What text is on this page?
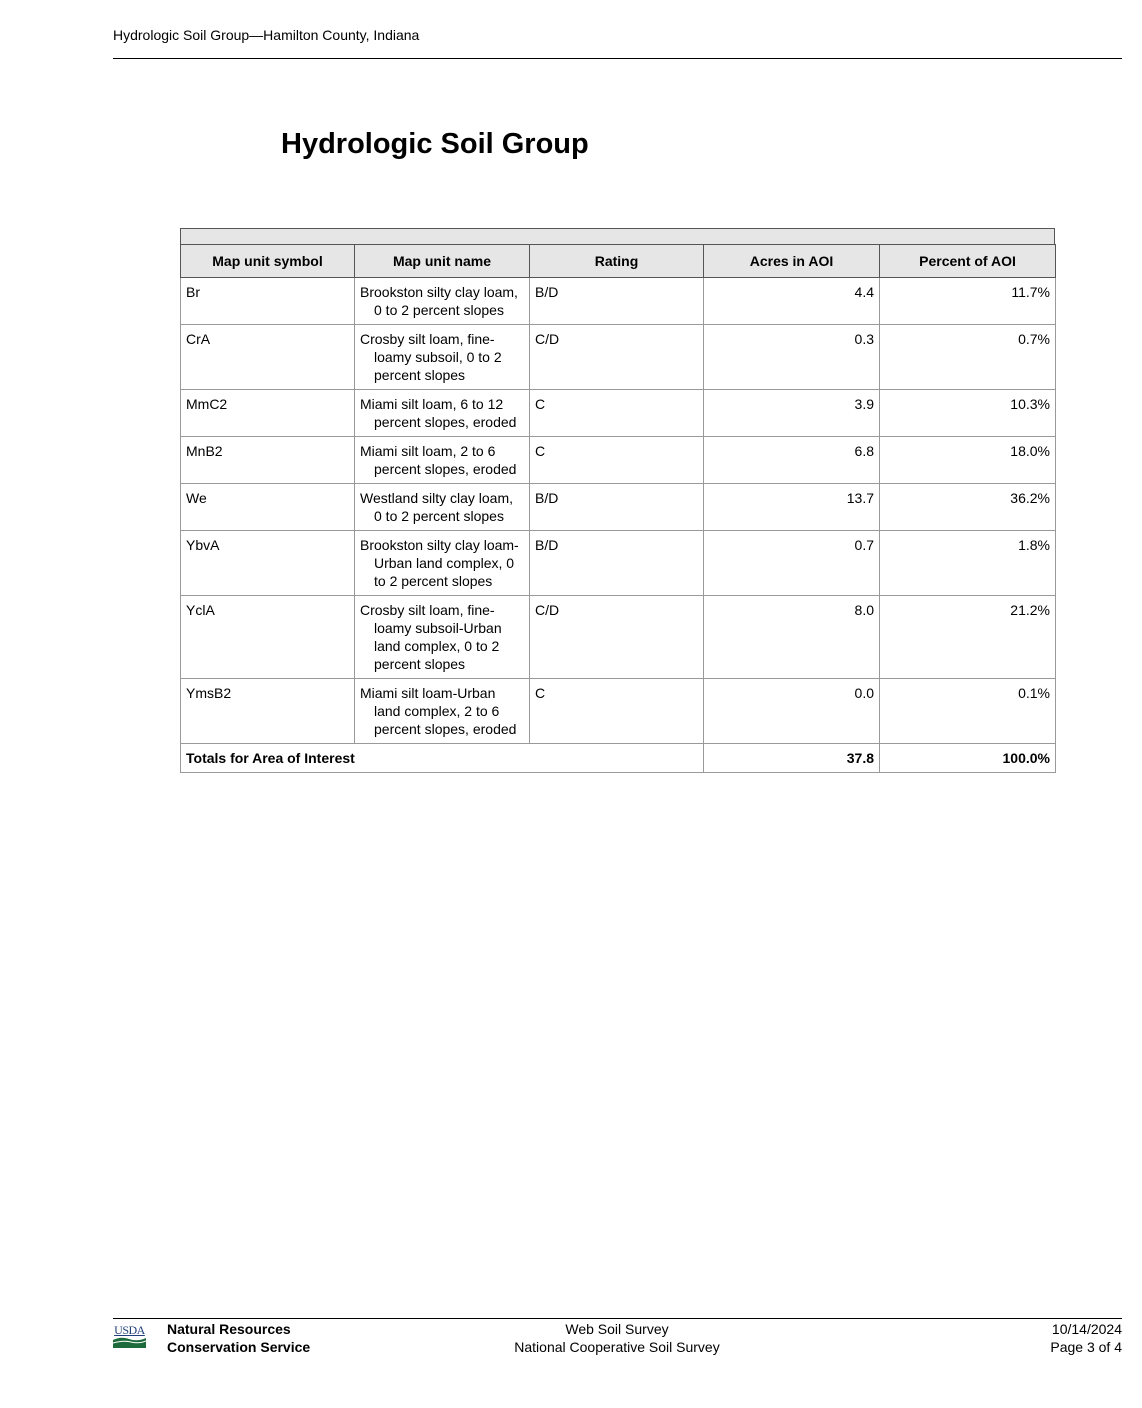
Hydrologic Soil Group—Hamilton County, Indiana
Hydrologic Soil Group
Map unit symbol	Map unit name	Rating	Acres in AOI	Percent of AOI
Br	Brookston silty clay loam, 0 to 2 percent slopes	B/D	4.4	11.7%
CrA	Crosby silt loam, fine-loamy subsoil, 0 to 2 percent slopes	C/D	0.3	0.7%
MmC2	Miami silt loam, 6 to 12 percent slopes, eroded	C	3.9	10.3%
MnB2	Miami silt loam, 2 to 6 percent slopes, eroded	C	6.8	18.0%
We	Westland silty clay loam, 0 to 2 percent slopes	B/D	13.7	36.2%
YbvA	Brookston silty clay loam-Urban land complex, 0 to 2 percent slopes	B/D	0.7	1.8%
YclA	Crosby silt loam, fine-loamy subsoil-Urban land complex, 0 to 2 percent slopes	C/D	8.0	21.2%
YmsB2	Miami silt loam-Urban land complex, 2 to 6 percent slopes, eroded	C	0.0	0.1%
Totals for Area of Interest			37.8	100.0%
USDA Natural Resources
Conservation Service
Web Soil Survey
National Cooperative Soil Survey
10/14/2024
Page 3 of 4
